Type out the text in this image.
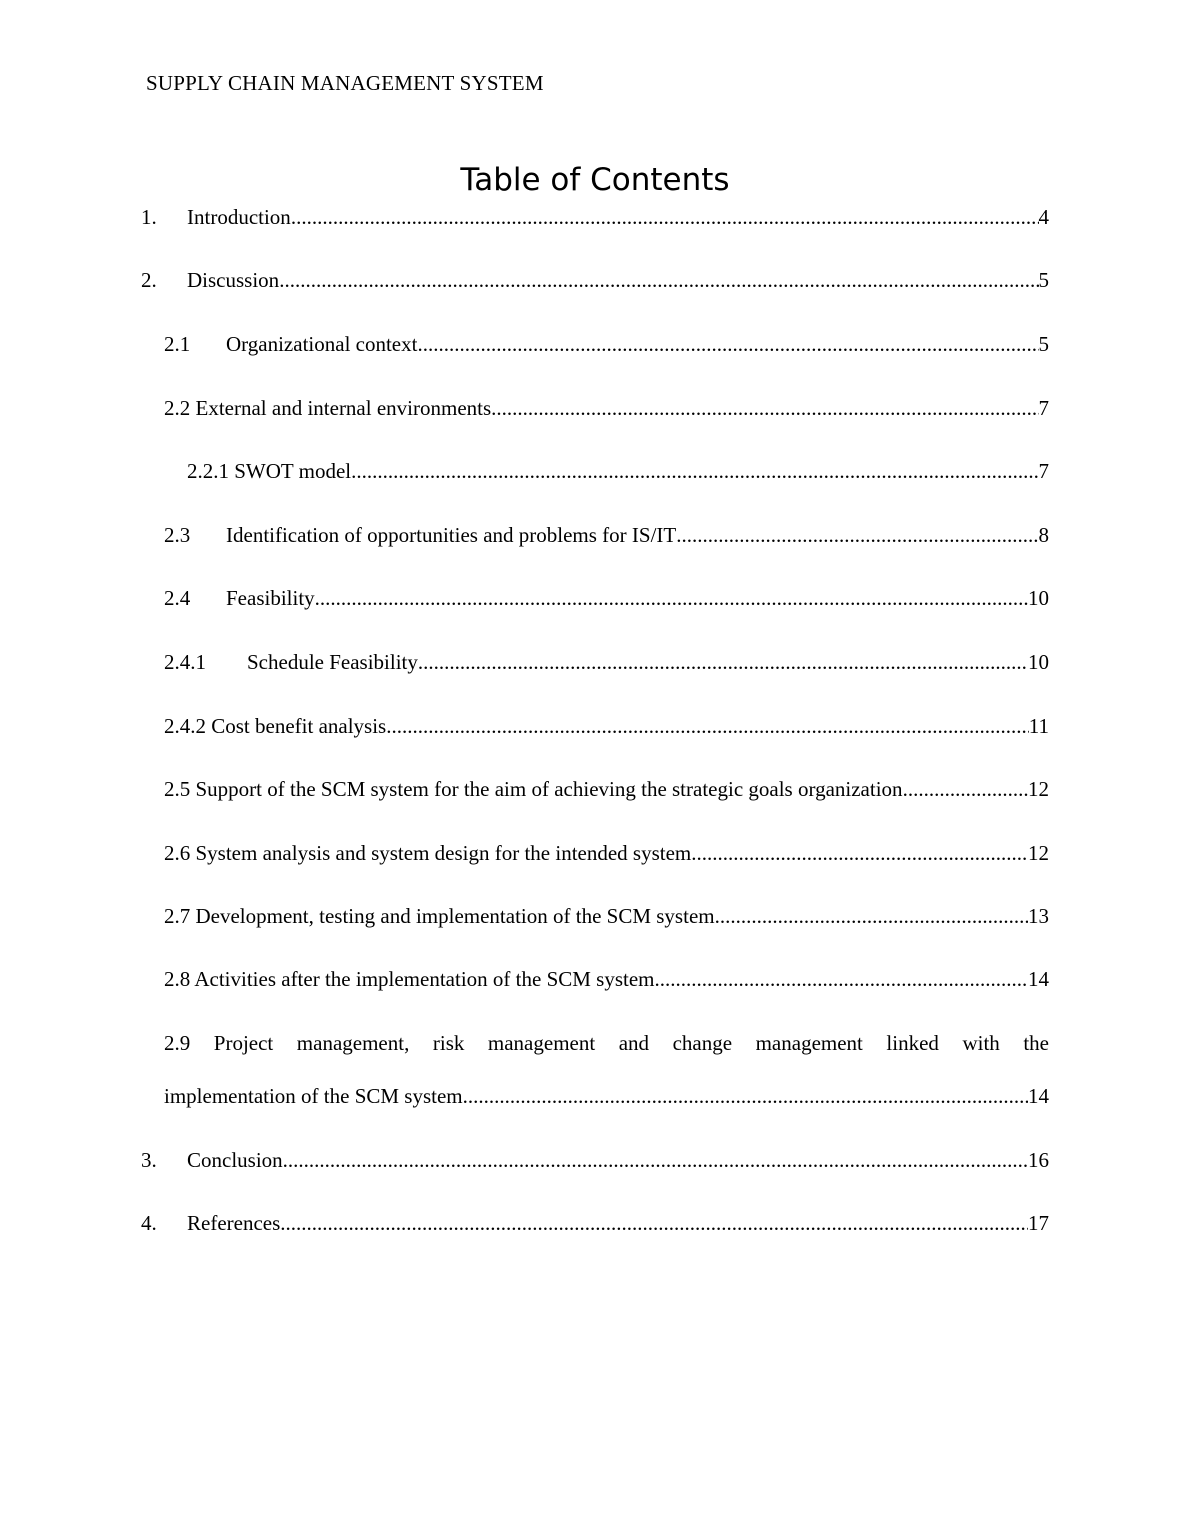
SUPPLY CHAIN MANAGEMENT SYSTEM
Table of Contents
1.	Introduction .....	4
2.	Discussion .....	5
2.1	Organizational context .....	5
2.2 External and internal environments .....	7
2.2.1 SWOT model .....	7
2.3	Identification of opportunities and problems for IS/IT .....	8
2.4	Feasibility .....	10
2.4.1	Schedule Feasibility .....	10
2.4.2 Cost benefit analysis .....	11
2.5 Support of the SCM system for the aim of achieving the strategic goals organization .....	12
2.6 System analysis and system design for the intended system .....	12
2.7 Development, testing and implementation of the SCM system .....	13
2.8 Activities after the implementation of the SCM system .....	14
2.9 Project management, risk management and change management linked with the
implementation of the SCM system .....	14
3.	Conclusion .....	16
4.	References .....	17
